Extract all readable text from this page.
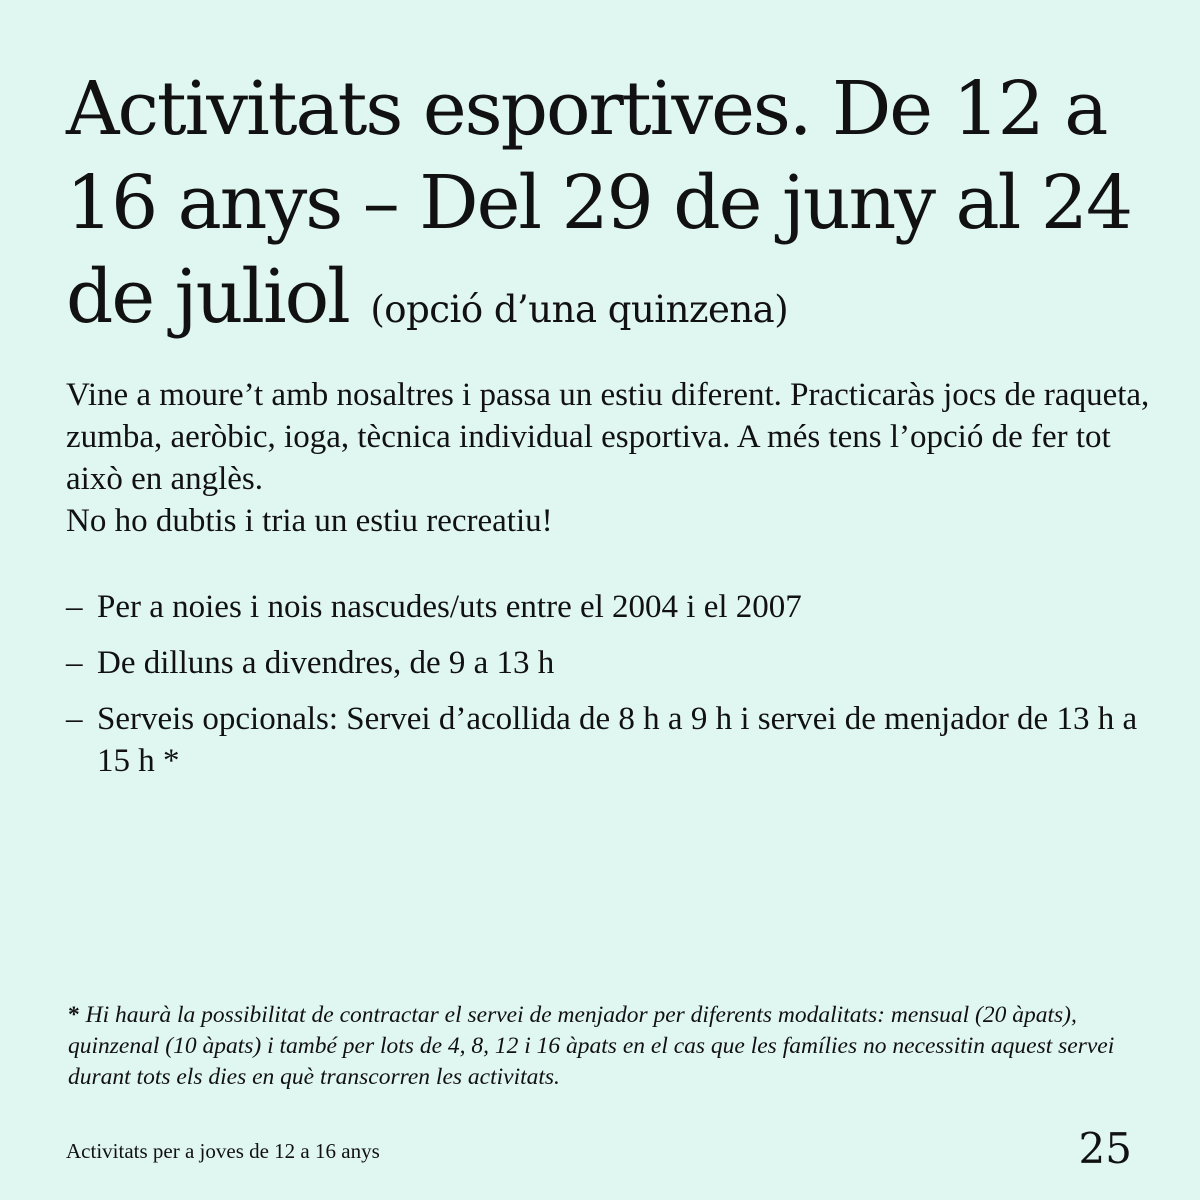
Activitats esportives. De 12 a 16 anys – Del 29 de juny al 24 de juliol (opció d’una quinzena)

Vine a moure’t amb nosaltres i passa un estiu diferent. Practicaràs jocs de raqueta, zumba, aeròbic, ioga, tècnica individual esportiva. A més tens l’opció de fer tot això en anglès.
No ho dubtis i tria un estiu recreatiu!

– Per a noies i nois nascudes/uts entre el 2004 i el 2007
– De dilluns a divendres, de 9 a 13 h
– Serveis opcionals: Servei d’acollida de 8 h a 9 h i servei de menjador de 13 h a 15 h *

* Hi haurà la possibilitat de contractar el servei de menjador per diferents modalitats: mensual (20 àpats), quinzenal (10 àpats) i també per lots de 4, 8, 12 i 16 àpats en el cas que les famílies no necessitin aquest servei durant tots els dies en què transcorren les activitats.

Activitats per a joves de 12 a 16 anys	25
